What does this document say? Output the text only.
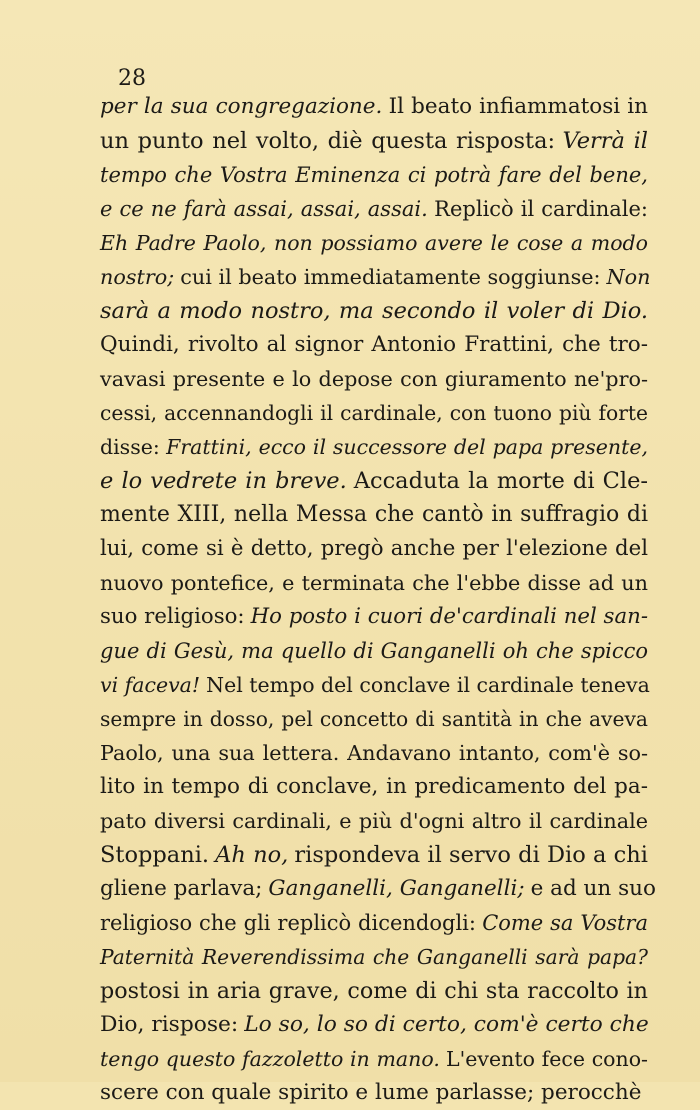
28
per la sua congregazione. Il beato infiammatosi in
un punto nel volto, diè questa risposta: Verrà il
tempo che Vostra Eminenza ci potrà fare del bene,
e ce ne farà assai, assai, assai. Replicò il cardinale:
Eh Padre Paolo, non possiamo avere le cose a modo
nostro; cui il beato immediatamente soggiunse: Non
sarà a modo nostro, ma secondo il voler di Dio.
Quindi, rivolto al signor Antonio Frattini, che tro-
vavasi presente e lo depose con giuramento ne'pro-
cessi, accennandogli il cardinale, con tuono più forte
disse: Frattini, ecco il successore del papa presente,
e lo vedrete in breve. Accaduta la morte di Cle-
mente XIII, nella Messa che cantò in suffragio di
lui, come si è detto, pregò anche per l'elezione del
nuovo pontefice, e terminata che l'ebbe disse ad un
suo religioso: Ho posto i cuori de'cardinali nel san-
gue di Gesù, ma quello di Ganganelli oh che spicco
vi faceva! Nel tempo del conclave il cardinale teneva
sempre in dosso, pel concetto di santità in che aveva
Paolo, una sua lettera. Andavano intanto, com'è so-
lito in tempo di conclave, in predicamento del pa-
pato diversi cardinali, e più d'ogni altro il cardinale
Stoppani. Ah no, rispondeva il servo di Dio a chi
gliene parlava; Ganganelli, Ganganelli; e ad un suo
religioso che gli replicò dicendogli: Come sa Vostra
Paternità Reverendissima che Ganganelli sarà papa?
postosi in aria grave, come di chi sta raccolto in
Dio, rispose: Lo so, lo so di certo, com'è certo che
tengo questo fazzoletto in mano. L'evento fece cono-
scere con quale spirito e lume parlasse; perocchè
